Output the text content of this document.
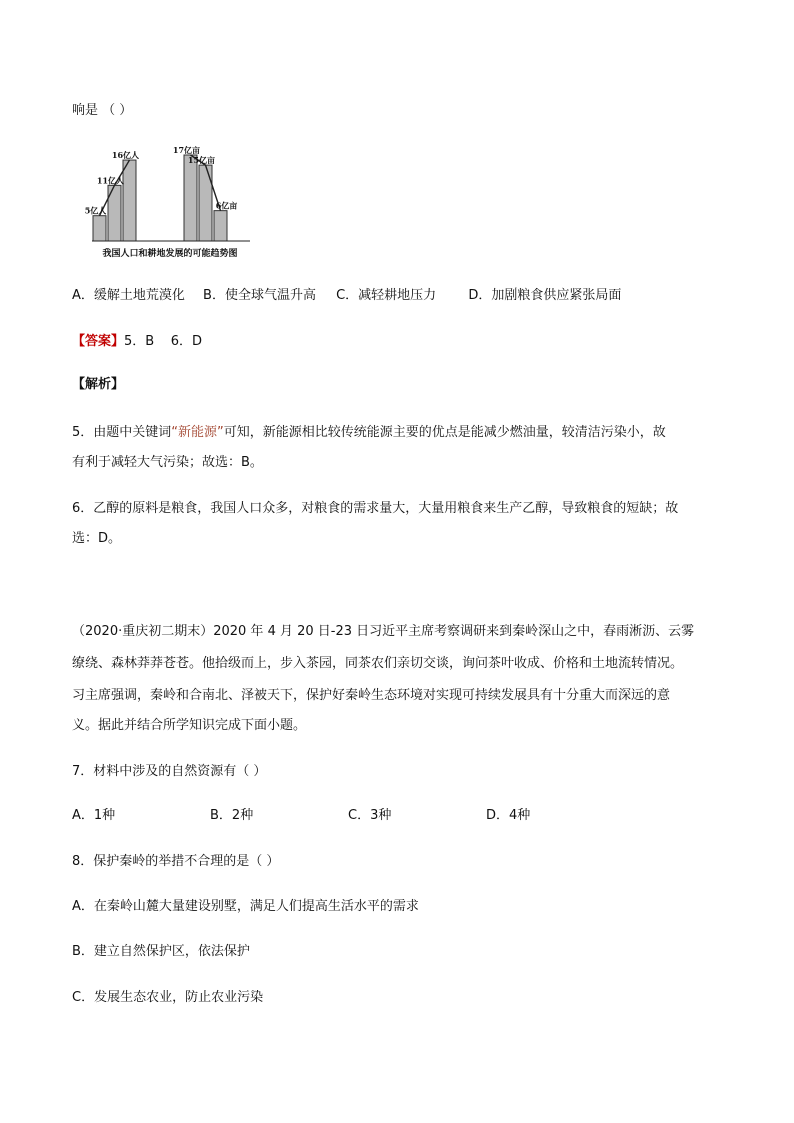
响是 （ ）
5亿人
11亿人
16亿人
17亿亩
15亿亩
6亿亩
我国人口和耕地发展的可能趋势图
A．缓解土地荒漠化 B．使全球气温升高 C．减轻耕地压力 D．加剧粮食供应紧张局面
【答案】5．B    6．D
【解析】
5．由题中关键词“新能源”可知，新能源相比较传统能源主要的优点是能减少燃油量，较清洁污染小，故
有利于减轻大气污染；故选：B。
6．乙醇的原料是粮食，我国人口众多，对粮食的需求量大，大量用粮食来生产乙醇，导致粮食的短缺；故
选：D。
（2020·重庆初二期末）2020 年 4 月 20 日-23 日习近平主席考察调研来到秦岭深山之中，春雨淅沥、云雾
缭绕、森林莽莽苍苍。他拾级而上，步入茶园，同茶农们亲切交谈，询问茶叶收成、价格和土地流转情况。
习主席强调，秦岭和合南北、泽被天下，保护好秦岭生态环境对实现可持续发展具有十分重大而深远的意
义。据此并结合所学知识完成下面小题。
7．材料中涉及的自然资源有（ ）
A．1种	B．2种	C．3种	D．4种
8．保护秦岭的举措不合理的是（ ）
A．在秦岭山麓大量建设别墅，满足人们提高生活水平的需求
B．建立自然保护区，依法保护
C．发展生态农业，防止农业污染
